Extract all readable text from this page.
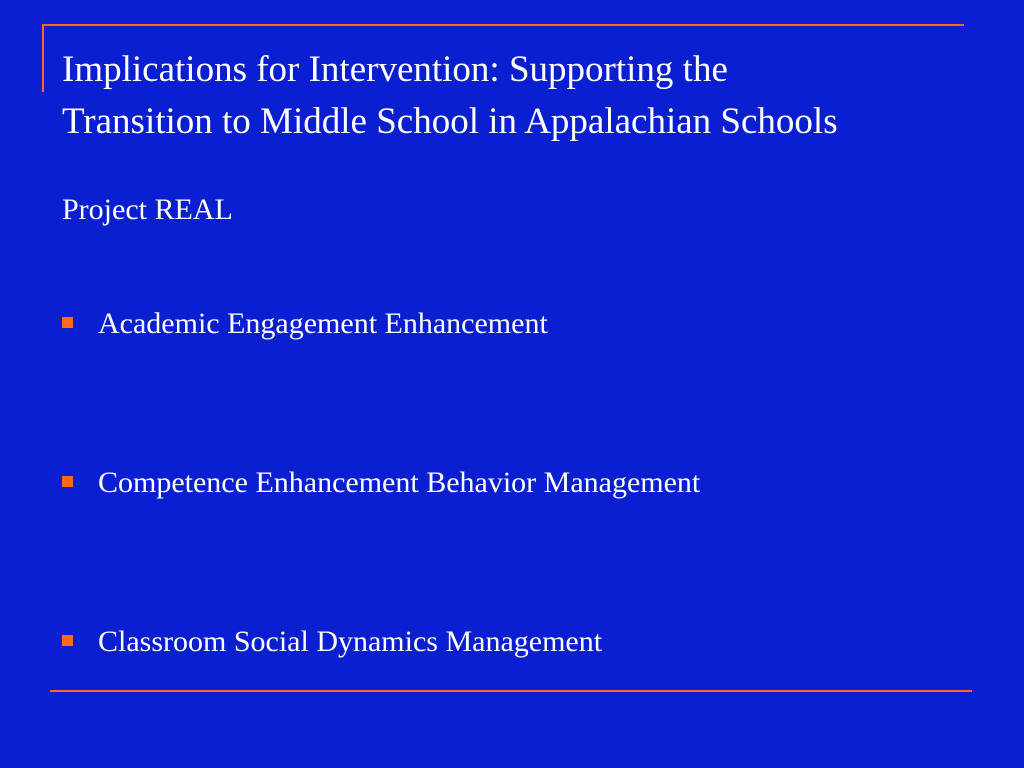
Implications for Intervention: Supporting the
Transition to Middle School in Appalachian Schools

Project REAL

Academic Engagement Enhancement
Competence Enhancement Behavior Management
Classroom Social Dynamics Management
